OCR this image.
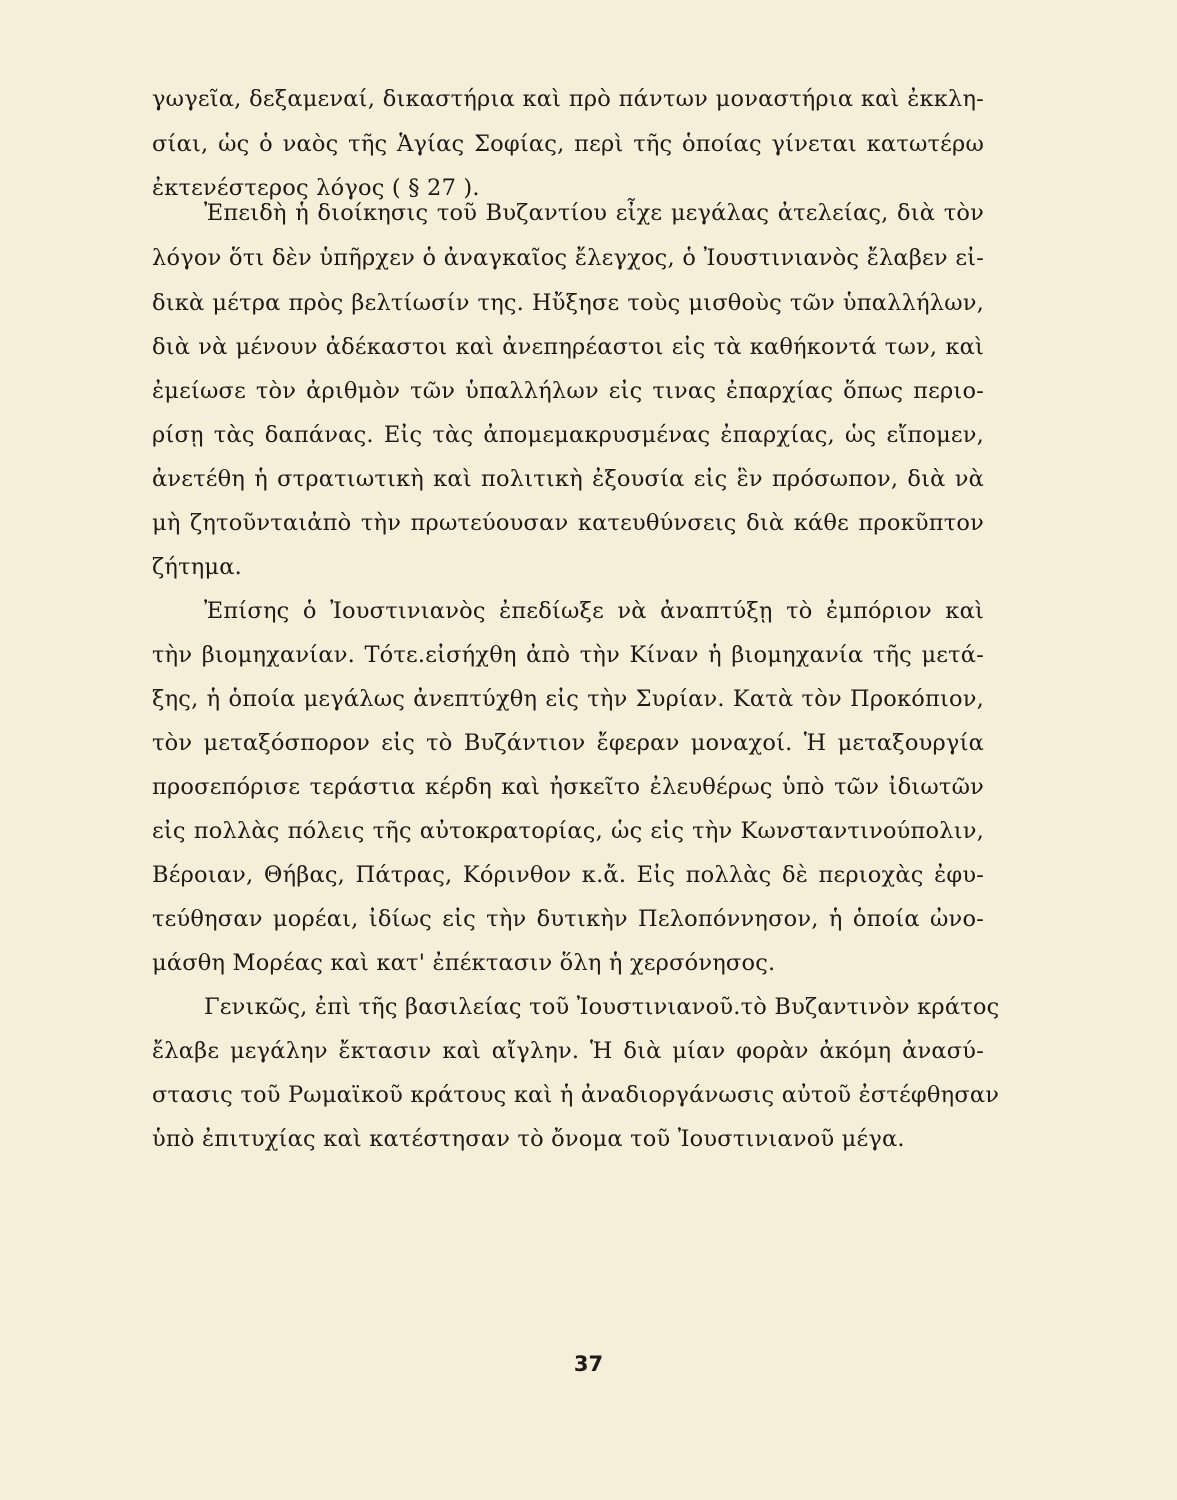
γωγεῖα, δεξαμεναί, δικαστήρια καὶ πρὸ πάντων μοναστήρια καὶ ἐκκλη-
σίαι, ὡς ὁ ναὸς τῆς Ἁγίας Σοφίας, περὶ τῆς ὁποίας γίνεται κατωτέρω
ἐκτενέστερος λόγος ( § 27 ).
Ἐπειδὴ ἡ διοίκησις τοῦ Βυζαντίου εἶχε μεγάλας ἀτελείας, διὰ τὸν
λόγον ὅτι δὲν ὑπῆρχεν ὁ ἀναγκαῖος ἔλεγχος, ὁ Ἰουστινιανὸς ἔλαβεν εἰ-
δικὰ μέτρα πρὸς βελτίωσίν της. Ηὔξησε τοὺς μισθοὺς τῶν ὑπαλλήλων,
διὰ νὰ μένουν ἀδέκαστοι καὶ ἀνεπηρέαστοι εἰς τὰ καθήκοντά των, καὶ
ἐμείωσε τὸν ἀριθμὸν τῶν ὑπαλλήλων εἰς τινας ἐπαρχίας ὅπως περιο-
ρίσῃ τὰς δαπάνας. Εἰς τὰς ἀπομεμακρυσμένας ἐπαρχίας, ὡς εἴπομεν,
ἀνετέθη ἡ στρατιωτικὴ καὶ πολιτικὴ ἐξουσία εἰς ἓν πρόσωπον, διὰ νὰ
μὴ ζητοῦνταιἀπὸ τὴν πρωτεύουσαν κατευθύνσεις διὰ κάθε προκῦπτον
ζήτημα.
Ἐπίσης ὁ Ἰουστινιανὸς ἐπεδίωξε νὰ ἀναπτύξῃ τὸ ἐμπόριον καὶ
τὴν βιομηχανίαν. Τότε.εἰσήχθη ἀπὸ τὴν Κίναν ἡ βιομηχανία τῆς μετά-
ξης, ἡ ὁποία μεγάλως ἀνεπτύχθη εἰς τὴν Συρίαν. Κατὰ τὸν Προκόπιον,
τὸν μεταξόσπορον εἰς τὸ Βυζάντιον ἔφεραν μοναχοί. Ἡ μεταξουργία
προσεπόρισε τεράστια κέρδη καὶ ἠσκεῖτο ἐλευθέρως ὑπὸ τῶν ἰδιωτῶν
εἰς πολλὰς πόλεις τῆς αὐτοκρατορίας, ὡς εἰς τὴν Κωνσταντινούπολιν,
Βέροιαν, Θήβας, Πάτρας, Κόρινθον κ.ἄ. Εἰς πολλὰς δὲ περιοχὰς ἐφυ-
τεύθησαν μορέαι, ἰδίως εἰς τὴν δυτικὴν Πελοπόννησον, ἡ ὁποία ὠνο-
μάσθη Μορέας καὶ κατ' ἐπέκτασιν ὅλη ἡ χερσόνησος.
Γενικῶς, ἐπὶ τῆς βασιλείας τοῦ Ἰουστινιανοῦ.τὸ Βυζαντινὸν κράτος
ἔλαβε μεγάλην ἔκτασιν καὶ αἴγλην. Ἡ διὰ μίαν φορὰν ἀκόμη ἀνασύ-
στασις τοῦ Ρωμαϊκοῦ κράτους καὶ ἡ ἀναδιοργάνωσις αὐτοῦ ἐστέφθησαν
ὑπὸ ἐπιτυχίας καὶ κατέστησαν τὸ ὄνομα τοῦ Ἰουστινιανοῦ μέγα.
37
